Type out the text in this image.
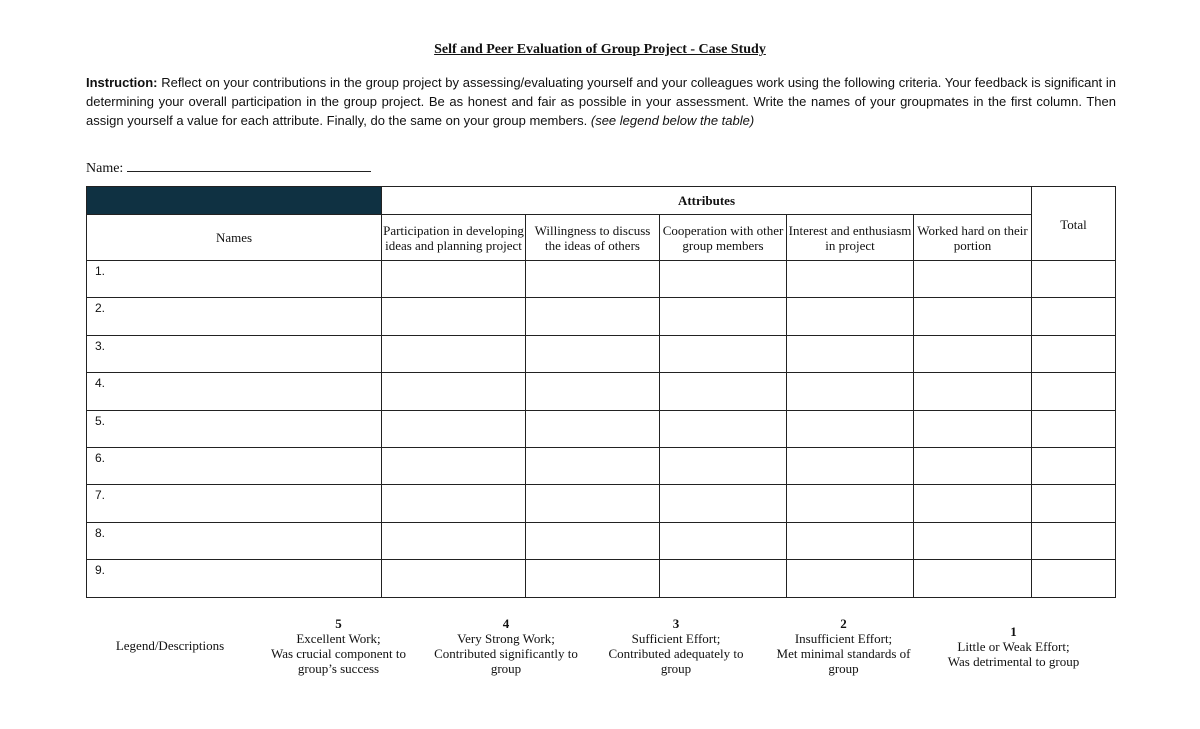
Self and Peer Evaluation of Group Project - Case Study
Instruction: Reflect on your contributions in the group project by assessing/evaluating yourself and your colleagues work using the following criteria. Your feedback is significant in determining your overall participation in the group project. Be as honest and fair as possible in your assessment. Write the names of your groupmates in the first column. Then assign yourself a value for each attribute. Finally, do the same on your group members. (see legend below the table)
Name:
	Attributes					Total
Names	Participation in developing ideas and planning project	Willingness to discuss the ideas of others	Cooperation with other group members	Interest and enthusiasm in project	Worked hard on their portion	
1.						
2.						
3.						
4.						
5.						
6.						
7.						
8.						
9.						
Legend/Descriptions
5
Excellent Work;
Was crucial component to group’s success
4
Very Strong Work;
Contributed significantly to group
3
Sufficient Effort;
Contributed adequately to group
2
Insufficient Effort;
Met minimal standards of group
1
Little or Weak Effort;
Was detrimental to group
